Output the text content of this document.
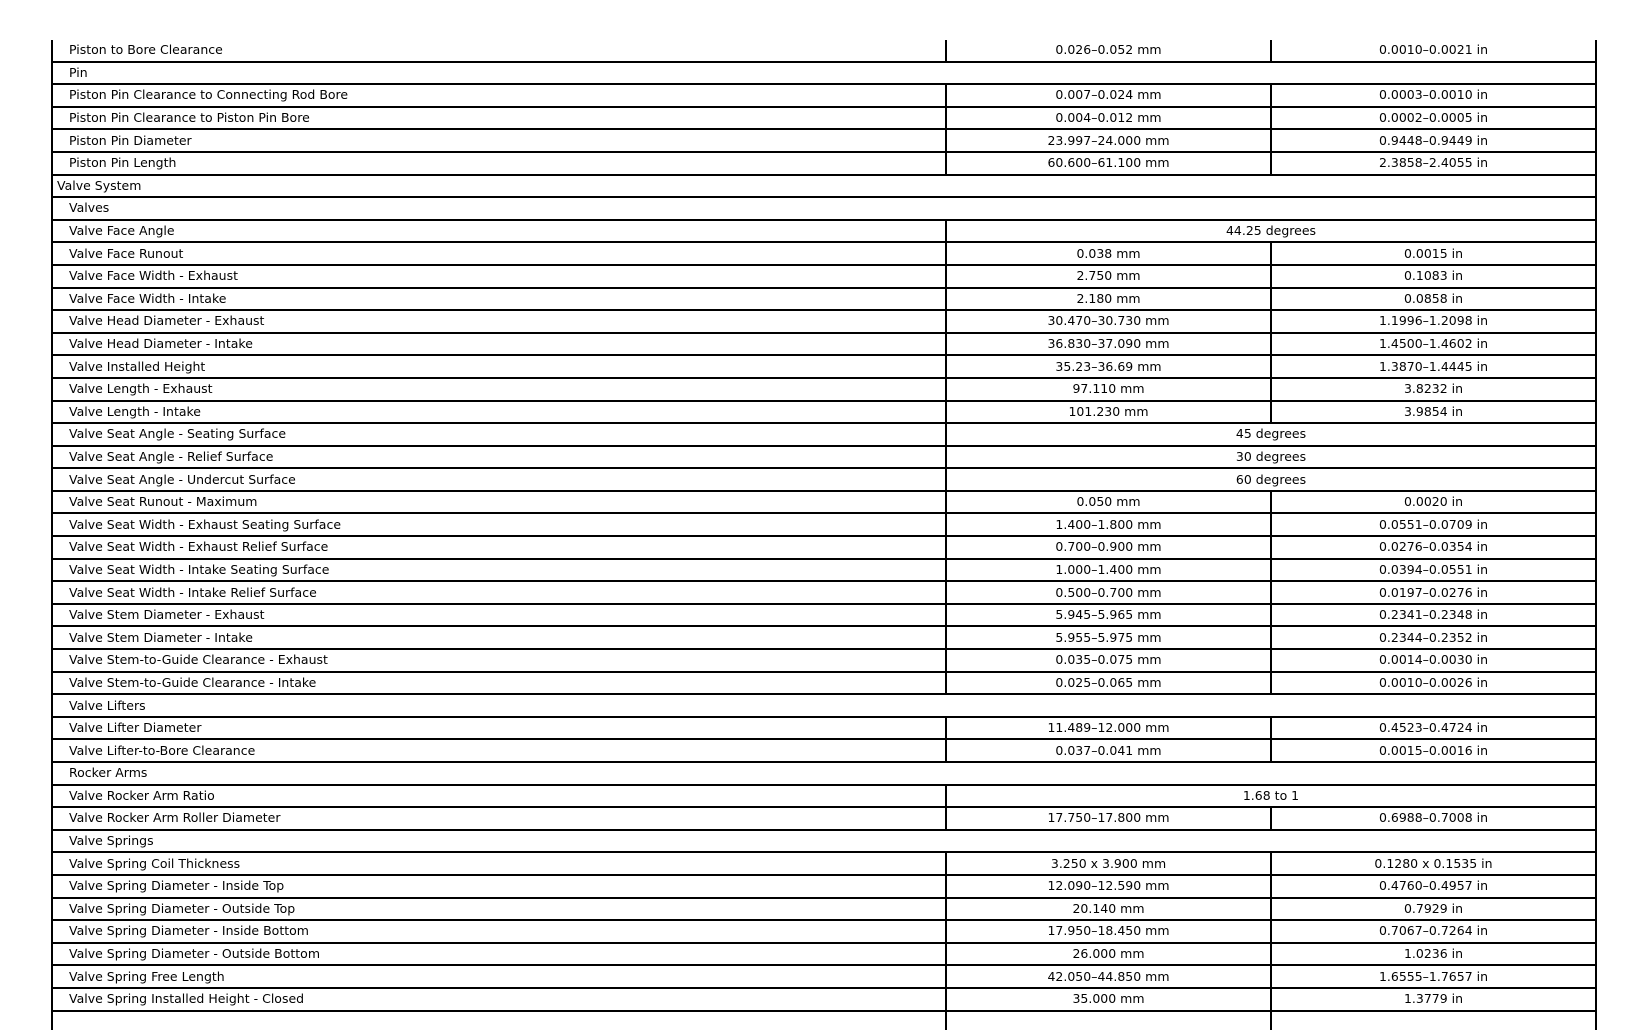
Piston to Bore Clearance	0.026–0.052 mm	0.0010–0.0021 in
Pin		
Piston Pin Clearance to Connecting Rod Bore	0.007–0.024 mm	0.0003–0.0010 in
Piston Pin Clearance to Piston Pin Bore	0.004–0.012 mm	0.0002–0.0005 in
Piston Pin Diameter	23.997–24.000 mm	0.9448–0.9449 in
Piston Pin Length	60.600–61.100 mm	2.3858–2.4055 in
Valve System		
Valves		
Valve Face Angle	44.25 degrees	
Valve Face Runout	0.038 mm	0.0015 in
Valve Face Width - Exhaust	2.750 mm	0.1083 in
Valve Face Width - Intake	2.180 mm	0.0858 in
Valve Head Diameter - Exhaust	30.470–30.730 mm	1.1996–1.2098 in
Valve Head Diameter - Intake	36.830–37.090 mm	1.4500–1.4602 in
Valve Installed Height	35.23–36.69 mm	1.3870–1.4445 in
Valve Length - Exhaust	97.110 mm	3.8232 in
Valve Length - Intake	101.230 mm	3.9854 in
Valve Seat Angle - Seating Surface	45 degrees	
Valve Seat Angle - Relief Surface	30 degrees	
Valve Seat Angle - Undercut Surface	60 degrees	
Valve Seat Runout - Maximum	0.050 mm	0.0020 in
Valve Seat Width - Exhaust Seating Surface	1.400–1.800 mm	0.0551–0.0709 in
Valve Seat Width - Exhaust Relief Surface	0.700–0.900 mm	0.0276–0.0354 in
Valve Seat Width - Intake Seating Surface	1.000–1.400 mm	0.0394–0.0551 in
Valve Seat Width - Intake Relief Surface	0.500–0.700 mm	0.0197–0.0276 in
Valve Stem Diameter - Exhaust	5.945–5.965 mm	0.2341–0.2348 in
Valve Stem Diameter - Intake	5.955–5.975 mm	0.2344–0.2352 in
Valve Stem-to-Guide Clearance - Exhaust	0.035–0.075 mm	0.0014–0.0030 in
Valve Stem-to-Guide Clearance - Intake	0.025–0.065 mm	0.0010–0.0026 in
Valve Lifters		
Valve Lifter Diameter	11.489–12.000 mm	0.4523–0.4724 in
Valve Lifter-to-Bore Clearance	0.037–0.041 mm	0.0015–0.0016 in
Rocker Arms		
Valve Rocker Arm Ratio	1.68 to 1	
Valve Rocker Arm Roller Diameter	17.750–17.800 mm	0.6988–0.7008 in
Valve Springs		
Valve Spring Coil Thickness	3.250 x 3.900 mm	0.1280 x 0.1535 in
Valve Spring Diameter - Inside Top	12.090–12.590 mm	0.4760–0.4957 in
Valve Spring Diameter - Outside Top	20.140 mm	0.7929 in
Valve Spring Diameter - Inside Bottom	17.950–18.450 mm	0.7067–0.7264 in
Valve Spring Diameter - Outside Bottom	26.000 mm	1.0236 in
Valve Spring Free Length	42.050–44.850 mm	1.6555–1.7657 in
Valve Spring Installed Height - Closed	35.000 mm	1.3779 in
